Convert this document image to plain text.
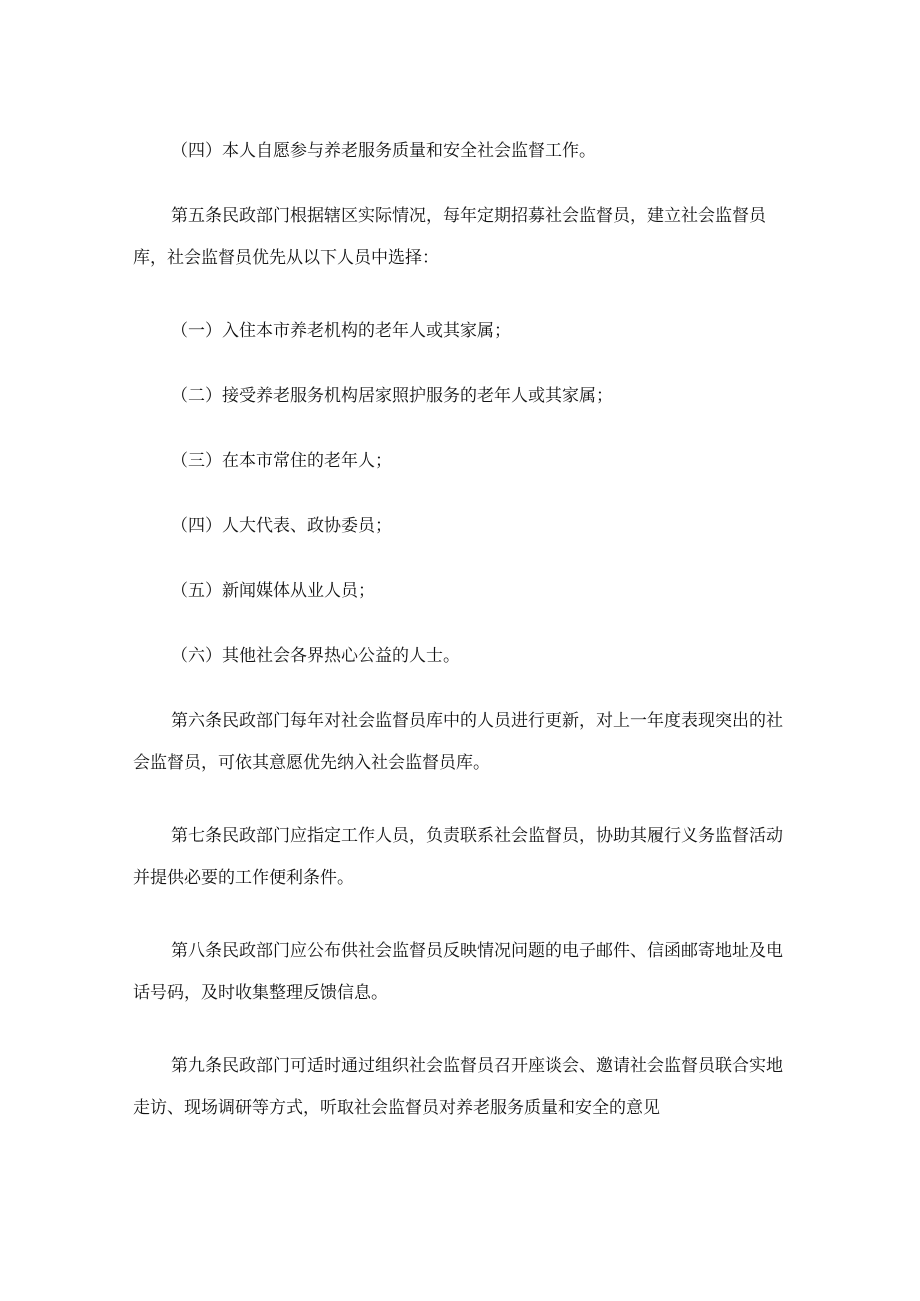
（四）本人自愿参与养老服务质量和安全社会监督工作。

第五条民政部门根据辖区实际情况，每年定期招募社会监督员，建立社会监督员库，社会监督员优先从以下人员中选择：

（一）入住本市养老机构的老年人或其家属；

（二）接受养老服务机构居家照护服务的老年人或其家属；

（三）在本市常住的老年人；

（四）人大代表、政协委员；

（五）新闻媒体从业人员；

（六）其他社会各界热心公益的人士。

第六条民政部门每年对社会监督员库中的人员进行更新，对上一年度表现突出的社会监督员，可依其意愿优先纳入社会监督员库。

第七条民政部门应指定工作人员，负责联系社会监督员，协助其履行义务监督活动并提供必要的工作便利条件。

第八条民政部门应公布供社会监督员反映情况问题的电子邮件、信函邮寄地址及电话号码，及时收集整理反馈信息。

第九条民政部门可适时通过组织社会监督员召开座谈会、邀请社会监督员联合实地走访、现场调研等方式，听取社会监督员对养老服务质量和安全的意见
